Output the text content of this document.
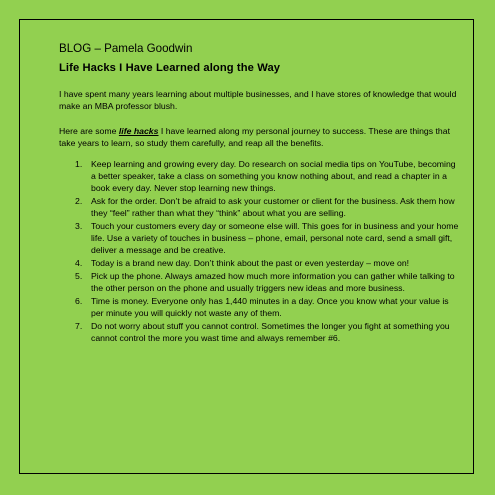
BLOG – Pamela Goodwin

Life Hacks I Have Learned along the Way

I have spent many years learning about multiple businesses, and I have stores of knowledge that would make an MBA professor blush.

Here are some life hacks I have learned along my personal journey to success. These are things that take years to learn, so study them carefully, and reap all the benefits.

1. Keep learning and growing every day. Do research on social media tips on YouTube, becoming a better speaker, take a class on something you know nothing about, and read a chapter in a book every day. Never stop learning new things.
2. Ask for the order. Don’t be afraid to ask your customer or client for the business. Ask them how they “feel” rather than what they “think” about what you are selling.
3. Touch your customers every day or someone else will. This goes for in business and your home life. Use a variety of touches in business – phone, email, personal note card, send a small gift, deliver a message and be creative.
4. Today is a brand new day. Don’t think about the past or even yesterday – move on!
5. Pick up the phone. Always amazed how much more information you can gather while talking to the other person on the phone and usually triggers new ideas and more business.
6. Time is money. Everyone only has 1,440 minutes in a day. Once you know what your value is per minute you will quickly not waste any of them.
7. Do not worry about stuff you cannot control. Sometimes the longer you fight at something you cannot control the more you wast time and always remember #6.
